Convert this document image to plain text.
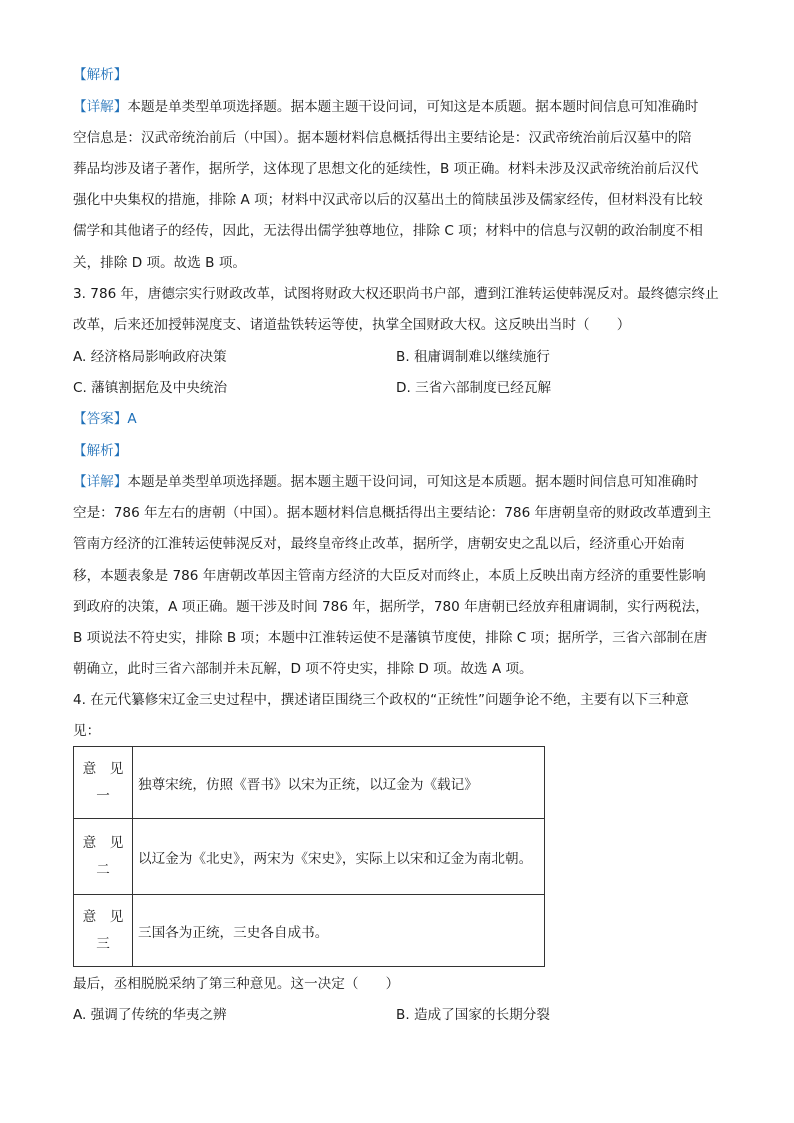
【解析】
【详解】本题是单类型单项选择题。据本题主题干设问词，可知这是本质题。据本题时间信息可知准确时
空信息是：汉武帝统治前后（中国）。据本题材料信息概括得出主要结论是：汉武帝统治前后汉墓中的陪
葬品均涉及诸子著作，据所学，这体现了思想文化的延续性，B 项正确。材料未涉及汉武帝统治前后汉代
强化中央集权的措施，排除 A 项；材料中汉武帝以后的汉墓出土的简牍虽涉及儒家经传，但材料没有比较
儒学和其他诸子的经传，因此，无法得出儒学独尊地位，排除 C 项；材料中的信息与汉朝的政治制度不相
关，排除 D 项。故选 B 项。
3. 786 年，唐德宗实行财政改革，试图将财政大权还职尚书户部，遭到江淮转运使韩滉反对。最终德宗终止
改革，后来还加授韩滉度支、诸道盐铁转运等使，执掌全国财政大权。这反映出当时（　　）
A. 经济格局影响政府决策	B. 租庸调制难以继续施行
C. 藩镇割据危及中央统治	D. 三省六部制度已经瓦解
【答案】A
【解析】
【详解】本题是单类型单项选择题。据本题主题干设问词，可知这是本质题。据本题时间信息可知准确时
空是：786 年左右的唐朝（中国）。据本题材料信息概括得出主要结论：786 年唐朝皇帝的财政改革遭到主
管南方经济的江淮转运使韩滉反对，最终皇帝终止改革，据所学，唐朝安史之乱以后，经济重心开始南
移，本题表象是 786 年唐朝改革因主管南方经济的大臣反对而终止，本质上反映出南方经济的重要性影响
到政府的决策，A 项正确。题干涉及时间 786 年，据所学，780 年唐朝已经放弃租庸调制，实行两税法，
B 项说法不符史实，排除 B 项；本题中江淮转运使不是藩镇节度使，排除 C 项；据所学，三省六部制在唐
朝确立，此时三省六部制并未瓦解，D 项不符史实，排除 D 项。故选 A 项。
4. 在元代纂修宋辽金三史过程中，撰述诸臣围绕三个政权的“正统性”问题争论不绝，主要有以下三种意
见：
意　见
一	独尊宋统，仿照《晋书》以宋为正统，以辽金为《载记》
意　见
二	以辽金为《北史》，两宋为《宋史》，实际上以宋和辽金为南北朝。
意　见
三	三国各为正统，三史各自成书。
最后，丞相脱脱采纳了第三种意见。这一决定（　　）
A. 强调了传统的华夷之辨	B. 造成了国家的长期分裂
